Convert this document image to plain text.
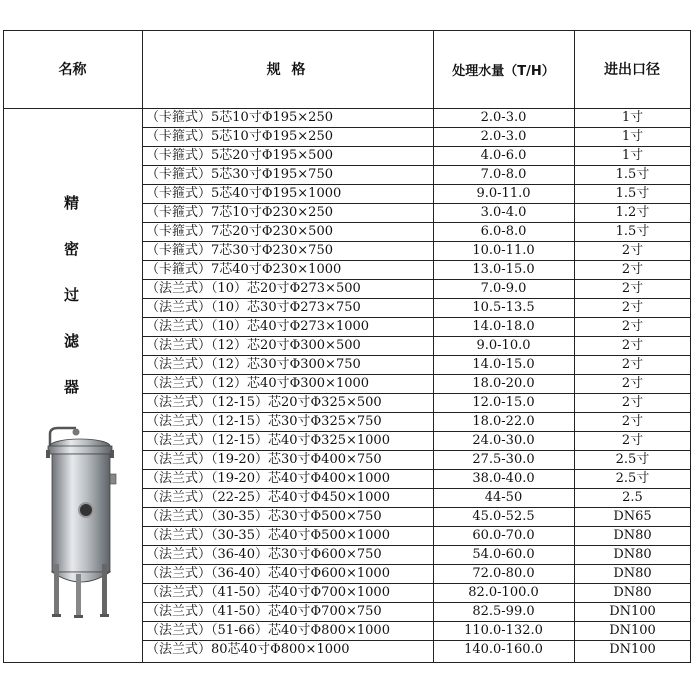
名称	规 格	处理水量（T/H）	进出口径
精
密
过
滤
器
（卡箍式）5芯10寸Φ195×250	2.0-3.0	1寸
（卡箍式）5芯10寸Φ195×250	2.0-3.0	1寸
（卡箍式）5芯20寸Φ195×500	4.0-6.0	1寸
（卡箍式）5芯30寸Φ195×750	7.0-8.0	1.5寸
（卡箍式）5芯40寸Φ195×1000	9.0-11.0	1.5寸
（卡箍式）7芯10寸Φ230×250	3.0-4.0	1.2寸
（卡箍式）7芯20寸Φ230×500	6.0-8.0	1.5寸
（卡箍式）7芯30寸Φ230×750	10.0-11.0	2寸
（卡箍式）7芯40寸Φ230×1000	13.0-15.0	2寸
（法兰式）（10）芯20寸Φ273×500	7.0-9.0	2寸
（法兰式）（10）芯30寸Φ273×750	10.5-13.5	2寸
（法兰式）（10）芯40寸Φ273×1000	14.0-18.0	2寸
（法兰式）（12）芯20寸Φ300×500	9.0-10.0	2寸
（法兰式）（12）芯30寸Φ300×750	14.0-15.0	2寸
（法兰式）（12）芯40寸Φ300×1000	18.0-20.0	2寸
（法兰式）（12-15）芯20寸Φ325×500	12.0-15.0	2寸
（法兰式）（12-15）芯30寸Φ325×750	18.0-22.0	2寸
（法兰式）（12-15）芯40寸Φ325×1000	24.0-30.0	2寸
（法兰式）（19-20）芯30寸Φ400×750	27.5-30.0	2.5寸
（法兰式）（19-20）芯40寸Φ400×1000	38.0-40.0	2.5寸
（法兰式）（22-25）芯40寸Φ450×1000	44-50	2.5
（法兰式）（30-35）芯30寸Φ500×750	45.0-52.5	DN65
（法兰式）（30-35）芯40寸Φ500×1000	60.0-70.0	DN80
（法兰式）（36-40）芯30寸Φ600×750	54.0-60.0	DN80
（法兰式）（36-40）芯40寸Φ600×1000	72.0-80.0	DN80
（法兰式）（41-50）芯40寸Φ700×1000	82.0-100.0	DN80
（法兰式）（41-50）芯40寸Φ700×750	82.5-99.0	DN100
（法兰式）（51-66）芯40寸Φ800×1000	110.0-132.0	DN100
（法兰式）80芯40寸Φ800×1000	140.0-160.0	DN100
